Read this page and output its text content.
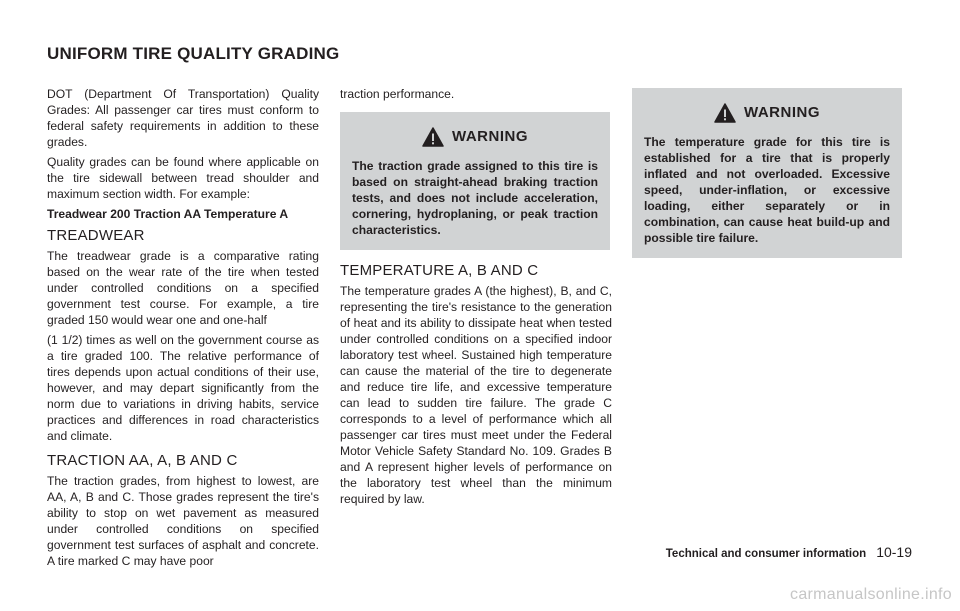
UNIFORM TIRE QUALITY GRADING

DOT (Department Of Transportation) Quality Grades: All passenger car tires must conform to federal safety requirements in addition to these grades.

Quality grades can be found where applicable on the tire sidewall between tread shoulder and maximum section width. For example:

Treadwear 200 Traction AA Temperature A
TREADWEAR

The treadwear grade is a comparative rating based on the wear rate of the tire when tested under controlled conditions on a specified government test course. For example, a tire graded 150 would wear one and one-half

(1 1/2) times as well on the government course as a tire graded 100. The relative performance of tires depends upon actual conditions of their use, however, and may depart significantly from the norm due to variations in driving habits, service practices and differences in road characteristics and climate.

TRACTION AA, A, B AND C

The traction grades, from highest to lowest, are AA, A, B and C. Those grades represent the tire's ability to stop on wet pavement as measured under controlled conditions on specified government test surfaces of asphalt and concrete. A tire marked C may have poor

traction performance.

WARNING

The traction grade assigned to this tire is based on straight-ahead braking traction tests, and does not include acceleration, cornering, hydroplaning, or peak traction characteristics.

TEMPERATURE A, B AND C

The temperature grades A (the highest), B, and C, representing the tire's resistance to the generation of heat and its ability to dissipate heat when tested under controlled conditions on a specified indoor laboratory test wheel. Sustained high temperature can cause the material of the tire to degenerate and reduce tire life, and excessive temperature can lead to sudden tire failure. The grade C corresponds to a level of performance which all passenger car tires must meet under the Federal Motor Vehicle Safety Standard No. 109. Grades B and A represent higher levels of performance on the laboratory test wheel than the minimum required by law.

WARNING

The temperature grade for this tire is established for a tire that is properly inflated and not overloaded. Excessive speed, under-inflation, or excessive loading, either separately or in combination, can cause heat build-up and possible tire failure.

Technical and consumer information 10-19
carmanualsonline.info
